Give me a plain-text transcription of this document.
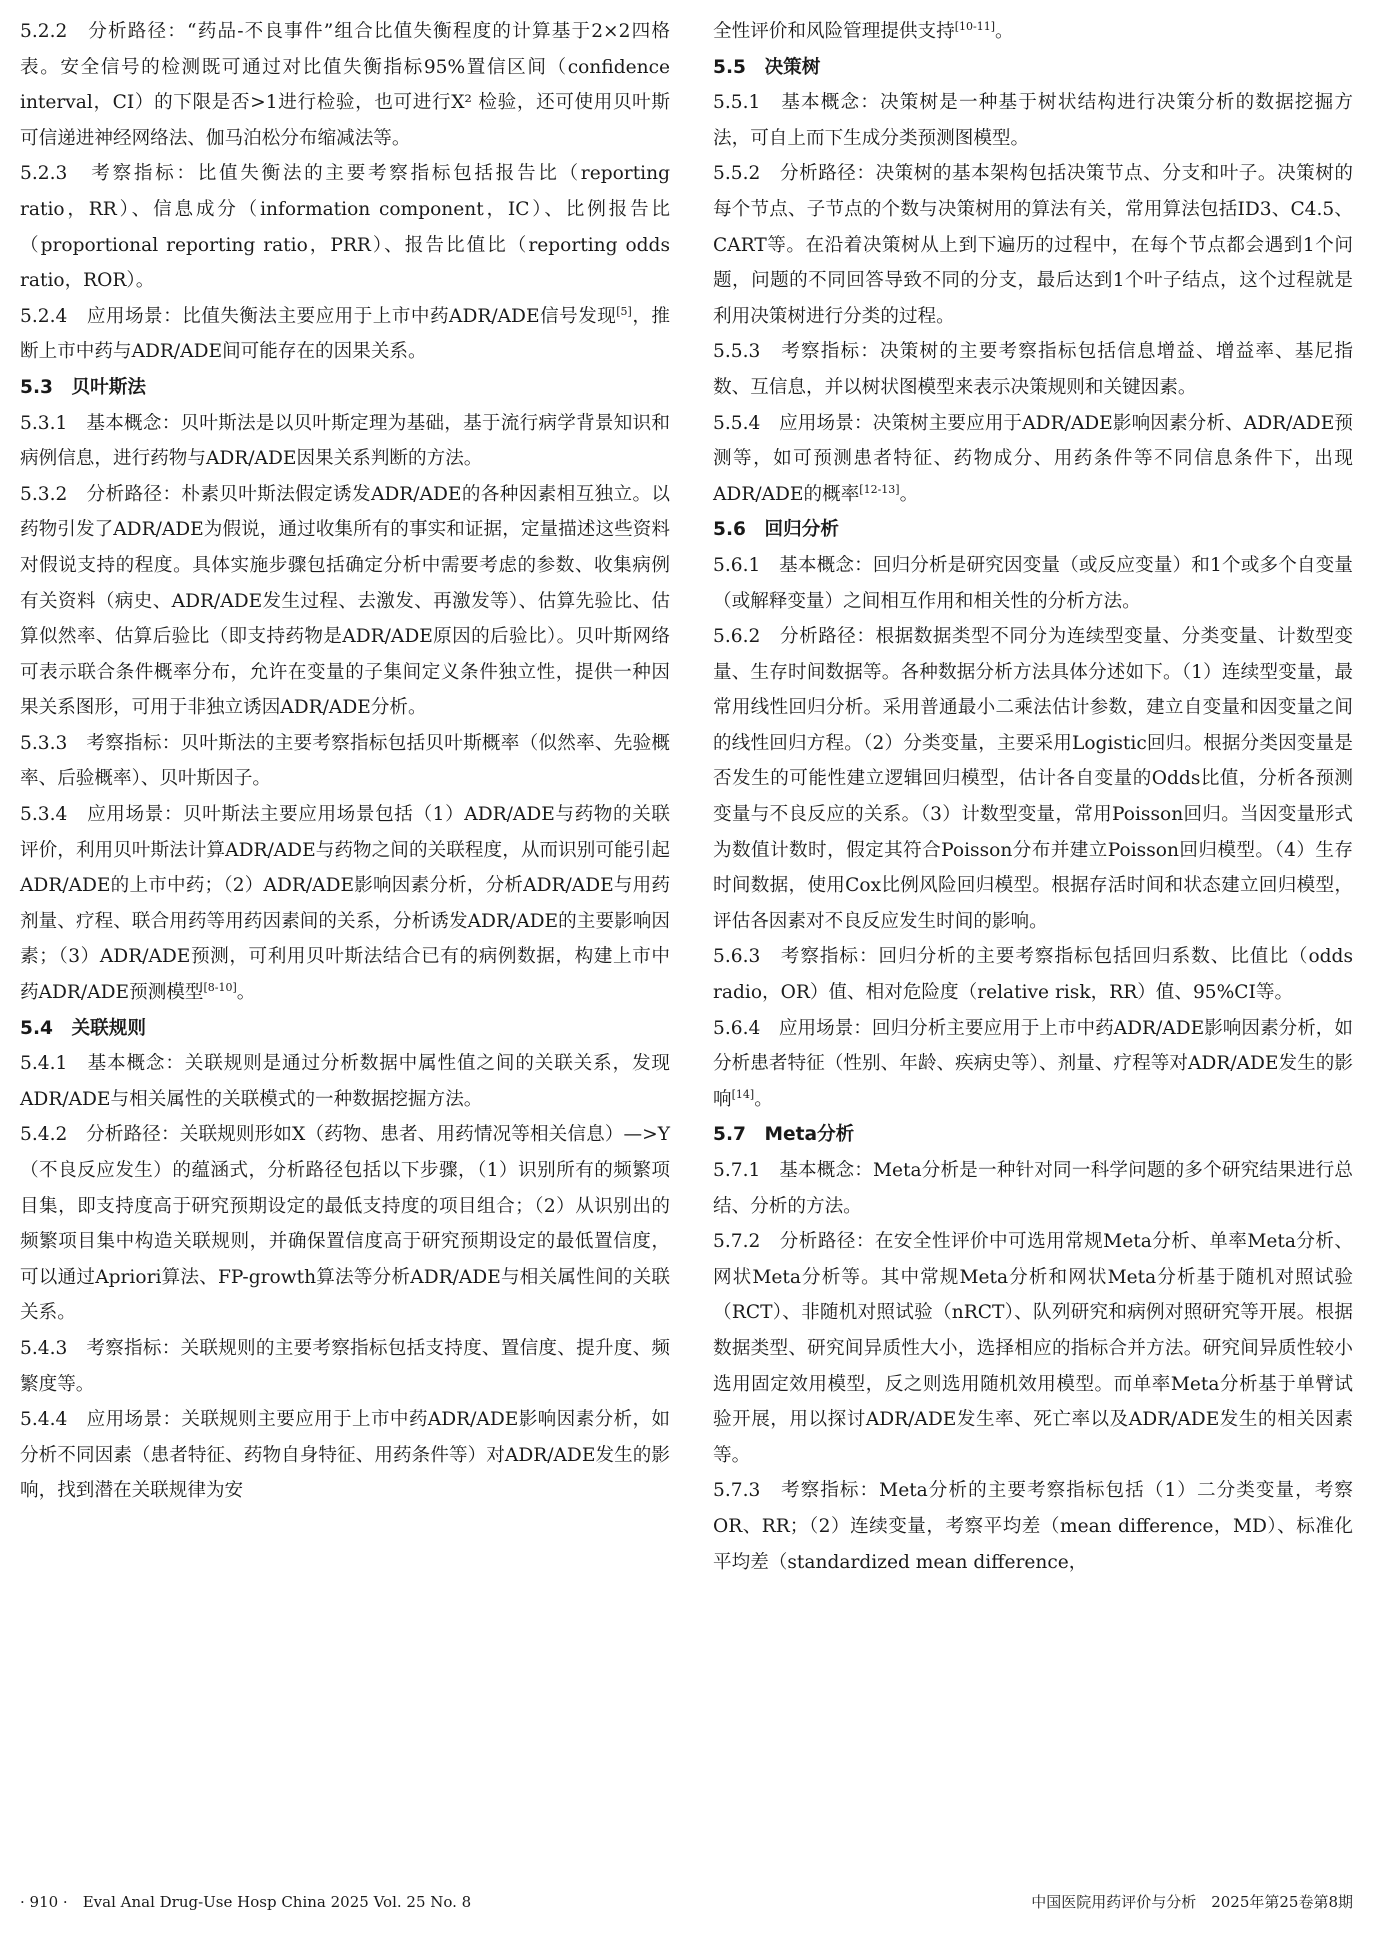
5.2.2　分析路径：“药品-不良事件”组合比值失衡程度的计算基于2×2四格表。安全信号的检测既可通过对比值失衡指标95%置信区间（confidence interval，CI）的下限是否>1进行检验，也可进行X² 检验，还可使用贝叶斯可信递进神经网络法、伽马泊松分布缩减法等。

5.2.3　考察指标：比值失衡法的主要考察指标包括报告比（reporting ratio，RR）、信息成分（information component，IC）、比例报告比（proportional reporting ratio，PRR）、报告比值比（reporting odds ratio，ROR）。

5.2.4　应用场景：比值失衡法主要应用于上市中药ADR/ADE信号发现[5]，推断上市中药与ADR/ADE间可能存在的因果关系。

5.3　贝叶斯法

5.3.1　基本概念：贝叶斯法是以贝叶斯定理为基础，基于流行病学背景知识和病例信息，进行药物与ADR/ADE因果关系判断的方法。

5.3.2　分析路径：朴素贝叶斯法假定诱发ADR/ADE的各种因素相互独立。以药物引发了ADR/ADE为假说，通过收集所有的事实和证据，定量描述这些资料对假说支持的程度。具体实施步骤包括确定分析中需要考虑的参数、收集病例有关资料（病史、ADR/ADE发生过程、去激发、再激发等）、估算先验比、估算似然率、估算后验比（即支持药物是ADR/ADE原因的后验比）。贝叶斯网络可表示联合条件概率分布，允许在变量的子集间定义条件独立性，提供一种因果关系图形，可用于非独立诱因ADR/ADE分析。

5.3.3　考察指标：贝叶斯法的主要考察指标包括贝叶斯概率（似然率、先验概率、后验概率）、贝叶斯因子。

5.3.4　应用场景：贝叶斯法主要应用场景包括（1）ADR/ADE与药物的关联评价，利用贝叶斯法计算ADR/ADE与药物之间的关联程度，从而识别可能引起ADR/ADE的上市中药；（2）ADR/ADE影响因素分析，分析ADR/ADE与用药剂量、疗程、联合用药等用药因素间的关系，分析诱发ADR/ADE的主要影响因素；（3）ADR/ADE预测，可利用贝叶斯法结合已有的病例数据，构建上市中药ADR/ADE预测模型[8-10]。

5.4　关联规则

5.4.1　基本概念：关联规则是通过分析数据中属性值之间的关联关系，发现ADR/ADE与相关属性的关联模式的一种数据挖掘方法。

5.4.2　分析路径：关联规则形如X（药物、患者、用药情况等相关信息）—>Y（不良反应发生）的蕴涵式，分析路径包括以下步骤，（1）识别所有的频繁项目集，即支持度高于研究预期设定的最低支持度的项目组合；（2）从识别出的频繁项目集中构造关联规则，并确保置信度高于研究预期设定的最低置信度，可以通过Apriori算法、FP-growth算法等分析ADR/ADE与相关属性间的关联关系。

5.4.3　考察指标：关联规则的主要考察指标包括支持度、置信度、提升度、频繁度等。

5.4.4　应用场景：关联规则主要应用于上市中药ADR/ADE影响因素分析，如分析不同因素（患者特征、药物自身特征、用药条件等）对ADR/ADE发生的影响，找到潜在关联规律为安

全性评价和风险管理提供支持[10-11]。

5.5　决策树

5.5.1　基本概念：决策树是一种基于树状结构进行决策分析的数据挖掘方法，可自上而下生成分类预测图模型。

5.5.2　分析路径：决策树的基本架构包括决策节点、分支和叶子。决策树的每个节点、子节点的个数与决策树用的算法有关，常用算法包括ID3、C4.5、CART等。在沿着决策树从上到下遍历的过程中，在每个节点都会遇到1个问题，问题的不同回答导致不同的分支，最后达到1个叶子结点，这个过程就是利用决策树进行分类的过程。

5.5.3　考察指标：决策树的主要考察指标包括信息增益、增益率、基尼指数、互信息，并以树状图模型来表示决策规则和关键因素。

5.5.4　应用场景：决策树主要应用于ADR/ADE影响因素分析、ADR/ADE预测等，如可预测患者特征、药物成分、用药条件等不同信息条件下，出现ADR/ADE的概率[12-13]。

5.6　回归分析

5.6.1　基本概念：回归分析是研究因变量（或反应变量）和1个或多个自变量（或解释变量）之间相互作用和相关性的分析方法。

5.6.2　分析路径：根据数据类型不同分为连续型变量、分类变量、计数型变量、生存时间数据等。各种数据分析方法具体分述如下。（1）连续型变量，最常用线性回归分析。采用普通最小二乘法估计参数，建立自变量和因变量之间的线性回归方程。（2）分类变量，主要采用Logistic回归。根据分类因变量是否发生的可能性建立逻辑回归模型，估计各自变量的Odds比值，分析各预测变量与不良反应的关系。（3）计数型变量，常用Poisson回归。当因变量形式为数值计数时，假定其符合Poisson分布并建立Poisson回归模型。（4）生存时间数据，使用Cox比例风险回归模型。根据存活时间和状态建立回归模型，评估各因素对不良反应发生时间的影响。

5.6.3　考察指标：回归分析的主要考察指标包括回归系数、比值比（odds radio，OR）值、相对危险度（relative risk，RR）值、95%CI等。

5.6.4　应用场景：回归分析主要应用于上市中药ADR/ADE影响因素分析，如分析患者特征（性别、年龄、疾病史等）、剂量、疗程等对ADR/ADE发生的影响[14]。

5.7　Meta分析

5.7.1　基本概念：Meta分析是一种针对同一科学问题的多个研究结果进行总结、分析的方法。

5.7.2　分析路径：在安全性评价中可选用常规Meta分析、单率Meta分析、网状Meta分析等。其中常规Meta分析和网状Meta分析基于随机对照试验（RCT）、非随机对照试验（nRCT）、队列研究和病例对照研究等开展。根据数据类型、研究间异质性大小，选择相应的指标合并方法。研究间异质性较小选用固定效用模型，反之则选用随机效用模型。而单率Meta分析基于单臂试验开展，用以探讨ADR/ADE发生率、死亡率以及ADR/ADE发生的相关因素等。

5.7.3　考察指标：Meta分析的主要考察指标包括（1）二分类变量，考察OR、RR；（2）连续变量，考察平均差（mean difference，MD）、标准化平均差（standardized mean difference，

· 910 ·　Eval Anal Drug-Use Hosp China 2025 Vol. 25 No. 8	中国医院用药评价与分析　2025年第25卷第8期
